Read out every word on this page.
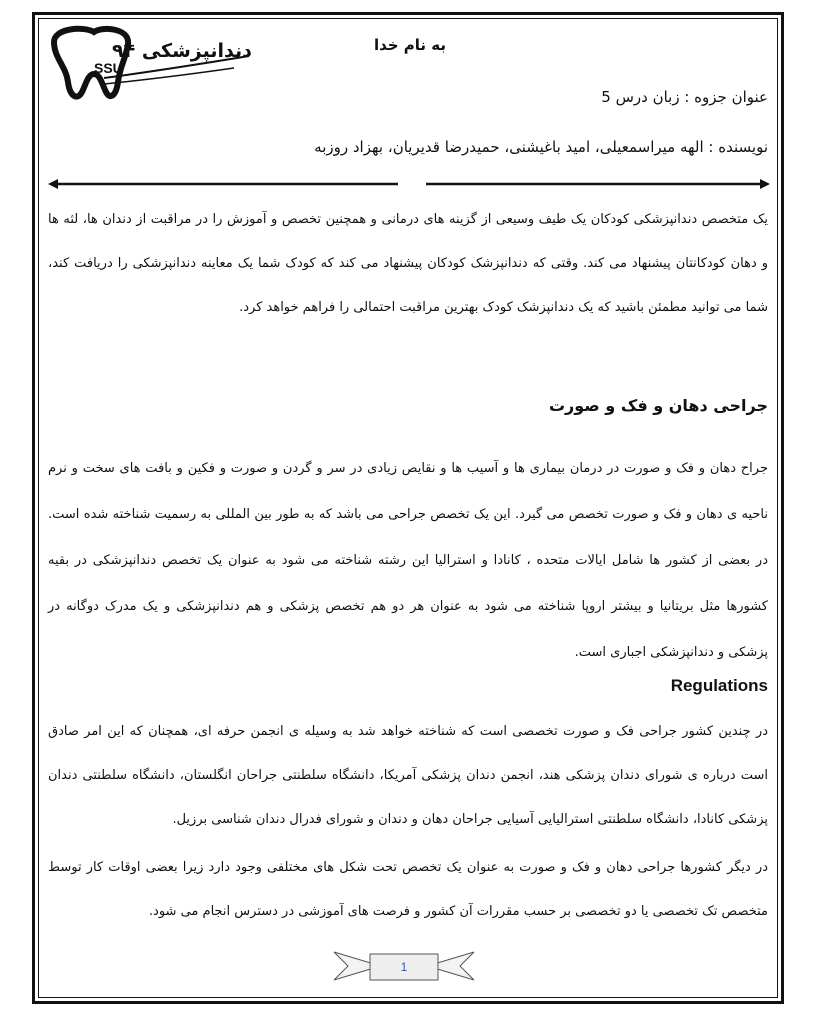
دندانپزشکی ۹۴
SSU
به نام خدا
عنوان جزوه : زبان درس 5
نویسنده : الهه میراسمعیلی، امید باغیشنی، حمیدرضا قدیریان، بهزاد روزبه
یک متخصص دندانپزشکی کودکان یک طیف وسیعی از گزینه های درمانی و همچنین تخصص و آموزش را در مراقبت از دندان ها، لثه ها و دهان کودکانتان پیشنهاد می کند. وقتی که دندانپزشک کودکان پیشنهاد می کند که کودک شما یک معاینه دندانپزشکی را دریافت کند، شما می توانید مطمئن باشید که یک دندانپزشک کودک بهترین مراقبت احتمالی را فراهم خواهد کرد.
جراحی دهان و فک و صورت
جراح دهان و فک و صورت در درمان بیماری ها و آسیب ها و نقایص زیادی در سر و گردن و صورت و فکین و بافت های سخت و نرم ناحیه ی دهان و فک و صورت تخصص می گیرد. این یک تخصص جراحی می باشد که به طور بین المللی به رسمیت شناخته شده است. در بعضی از کشور ها شامل ایالات متحده ، کانادا و استرالیا این رشته شناخته می شود به عنوان یک تخصص دندانپزشکی در بقیه کشورها مثل بریتانیا و بیشتر اروپا شناخته می شود به عنوان هر دو هم تخصص پزشکی و هم دندانپزشکی و یک مدرک دوگانه در پزشکی و دندانپزشکی اجباری است.
Regulations
در چندین کشور جراحی فک و صورت تخصصی است که شناخته خواهد شد به وسیله ی انجمن حرفه ای، همچنان که این امر صادق است درباره ی شورای دندان پزشکی هند، انجمن دندان پزشکی آمریکا، دانشگاه سلطنتی جراحان انگلستان، دانشگاه سلطنتی دندان پزشکی کانادا، دانشگاه سلطنتی استرالیایی آسیایی جراحان دهان و دندان و شورای فدرال دندان شناسی برزیل.
در دیگر کشورها جراحی دهان و فک و صورت به عنوان یک تخصص تحت شکل های مختلفی وجود دارد زیرا بعضی اوقات کار توسط متخصص تک تخصصی یا دو تخصصی بر حسب مقررات آن کشور و فرصت های آموزشی در دسترس انجام می شود.
1
